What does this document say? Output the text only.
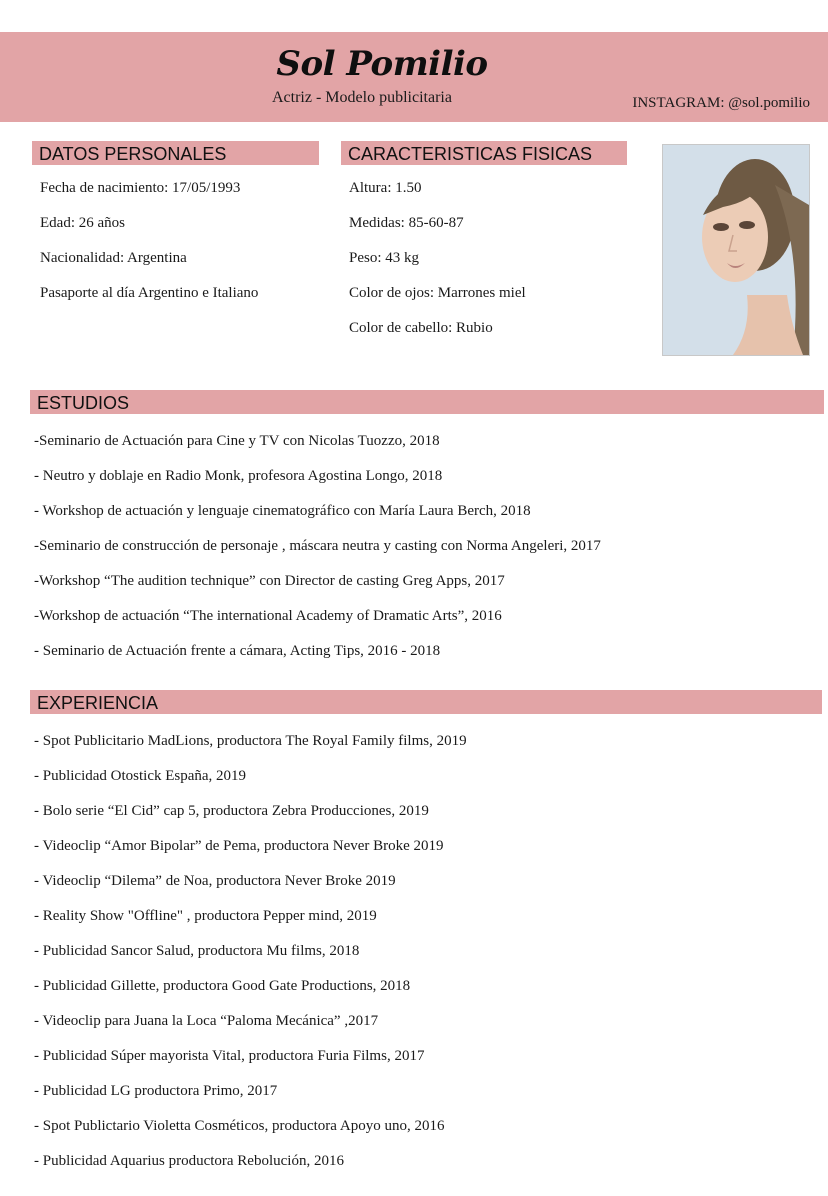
Sol Pomilio
Actriz - Modelo publicitaria	INSTAGRAM: @sol.pomilio
DATOS PERSONALES
Fecha de nacimiento: 17/05/1993
Edad: 26 años
Nacionalidad: Argentina
Pasaporte al día Argentino e Italiano
CARACTERISTICAS FISICAS
Altura: 1.50
Medidas: 85-60-87
Peso: 43 kg
Color de ojos: Marrones miel
Color de cabello: Rubio
ESTUDIOS
-Seminario de Actuación para Cine y TV con Nicolas Tuozzo, 2018
- Neutro y doblaje en Radio Monk, profesora Agostina Longo, 2018
- Workshop de actuación y lenguaje cinematográfico con María Laura Berch, 2018
-Seminario de construcción de personaje , máscara neutra y casting con Norma Angeleri, 2017
-Workshop “The audition technique” con Director de casting Greg Apps, 2017
-Workshop de actuación “The international Academy of Dramatic Arts”, 2016
- Seminario de Actuación frente a cámara, Acting Tips, 2016 - 2018
EXPERIENCIA
- Spot Publicitario MadLions, productora The Royal Family films, 2019
- Publicidad Otostick España, 2019
- Bolo serie “El Cid” cap 5, productora Zebra Producciones, 2019
- Videoclip “Amor Bipolar” de Pema, productora Never Broke 2019
- Videoclip “Dilema” de Noa, productora Never Broke 2019
- Reality Show "Offline" , productora Pepper mind, 2019
- Publicidad Sancor Salud, productora Mu films, 2018
- Publicidad Gillette, productora Good Gate Productions, 2018
- Videoclip para Juana la Loca “Paloma Mecánica” ,2017
- Publicidad Súper mayorista Vital, productora Furia Films, 2017
- Publicidad LG productora Primo, 2017
- Spot Publictario Violetta Cosméticos, productora Apoyo uno, 2016
- Publicidad Aquarius productora Rebolución, 2016
